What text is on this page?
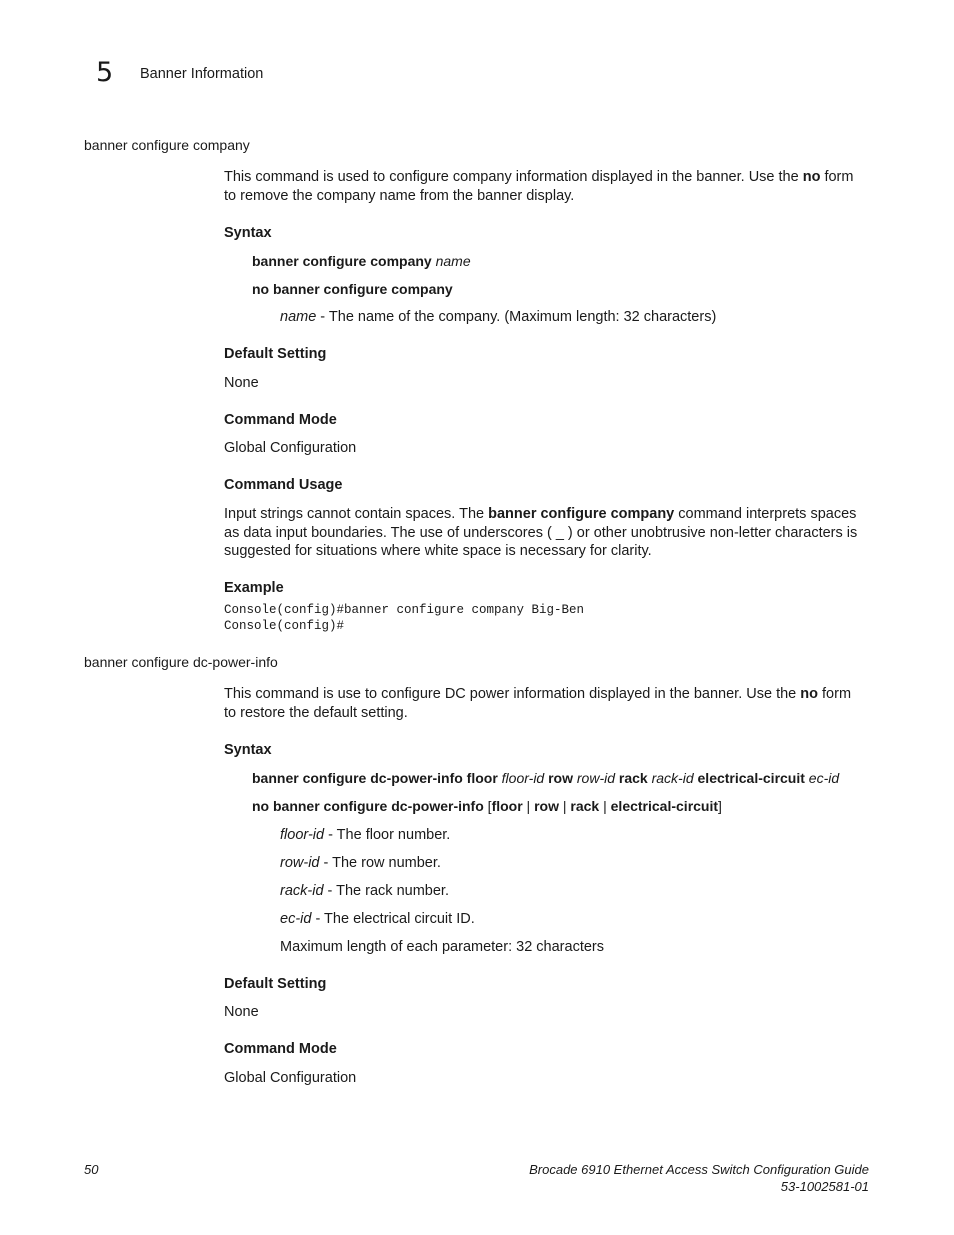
5 Banner Information
banner configure company
This command is used to configure company information displayed in the banner. Use the no form
to remove the company name from the banner display.
Syntax
banner configure company name
no banner configure company
name - The name of the company. (Maximum length: 32 characters)
Default Setting
None
Command Mode
Global Configuration
Command Usage
Input strings cannot contain spaces. The banner configure company command interprets spaces
as data input boundaries. The use of underscores ( _ ) or other unobtrusive non-letter characters is
suggested for situations where white space is necessary for clarity.
Example
Console(config)#banner configure company Big-Ben
Console(config)#
banner configure dc-power-info
This command is use to configure DC power information displayed in the banner. Use the no form
to restore the default setting.
Syntax
banner configure dc-power-info floor floor-id row row-id rack rack-id electrical-circuit ec-id
no banner configure dc-power-info [floor | row | rack | electrical-circuit]
floor-id - The floor number.
row-id - The row number.
rack-id - The rack number.
ec-id - The electrical circuit ID.
Maximum length of each parameter: 32 characters
Default Setting
None
Command Mode
Global Configuration
50	Brocade 6910 Ethernet Access Switch Configuration Guide
53-1002581-01
